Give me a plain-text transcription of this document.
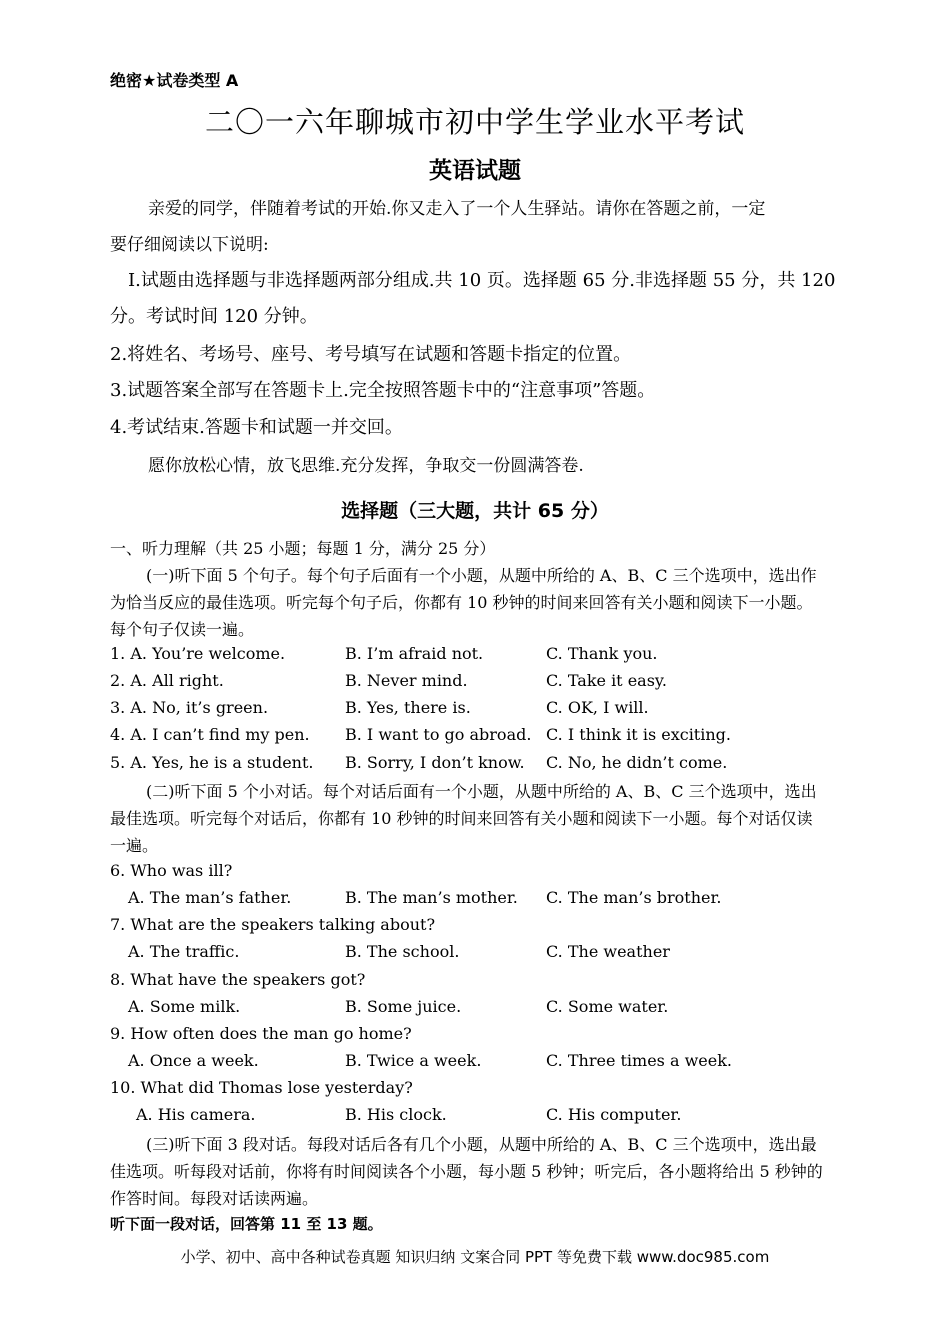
绝密★试卷类型 A
二〇一六年聊城市初中学生学业水平考试
英语试题
亲爱的同学，伴随着考试的开始.你又走入了一个人生驿站。请你在答题之前，一定
要仔细阅读以下说明:
I.试题由选择题与非选择题两部分组成.共 10 页。选择题 65 分.非选择题 55 分，共 120
分。考试时间 120 分钟。
2.将姓名、考场号、座号、考号填写在试题和答题卡指定的位置。
3.试题答案全部写在答题卡上.完全按照答题卡中的“注意事项”答题。
4.考试结束.答题卡和试题一并交回。
愿你放松心情，放飞思维.充分发挥，争取交一份圆满答卷.
选择题（三大题，共计 65 分）
一、听力理解（共 25 小题；每题 1 分，满分 25 分）
(一)听下面 5 个句子。每个句子后面有一个小题，从题中所给的 A、B、C 三个选项中，选出作
为恰当反应的最佳选项。听完每个句子后，你都有 10 秒钟的时间来回答有关小题和阅读下一小题。
每个句子仅读一遍。
1. A. You’re welcome.	B. I’m afraid not.	C. Thank you.
2. A. All right.	B. Never mind.	C. Take it easy.
3. A. No, it’s green.	B. Yes, there is.	C. OK, I will.
4. A. I can’t find my pen. B. I want to go abroad. C. I think it is exciting.
5. A. Yes, he is a student. B. Sorry, I don’t know. C. No, he didn’t come.
(二)听下面 5 个小对话。每个对话后面有一个小题，从题中所给的 A、B、C 三个选项中，选出
最佳选项。听完每个对话后，你都有 10 秒钟的时间来回答有关小题和阅读下一小题。每个对话仅读
一遍。
6. Who was ill?
A. The man’s father.	B. The man’s mother. C. The man’s brother.
7. What are the speakers talking about?
A. The traffic.	B. The school.	C. The weather
8. What have the speakers got?
A. Some milk.	B. Some juice.	C. Some water.
9. How often does the man go home?
A. Once a week.	B. Twice a week.	C. Three times a week.
10. What did Thomas lose yesterday?
A. His camera.	B. His clock.	C. His computer.
(三)听下面 3 段对话。每段对话后各有几个小题，从题中所给的 A、B、C 三个选项中，选出最
佳选项。听每段对话前，你将有时间阅读各个小题，每小题 5 秒钟；听完后，各小题将给出 5 秒钟的
作答时间。每段对话读两遍。
听下面一段对话，回答第 11 至 13 题。
小学、初中、高中各种试卷真题 知识归纳 文案合同 PPT 等免费下载 www.doc985.com
